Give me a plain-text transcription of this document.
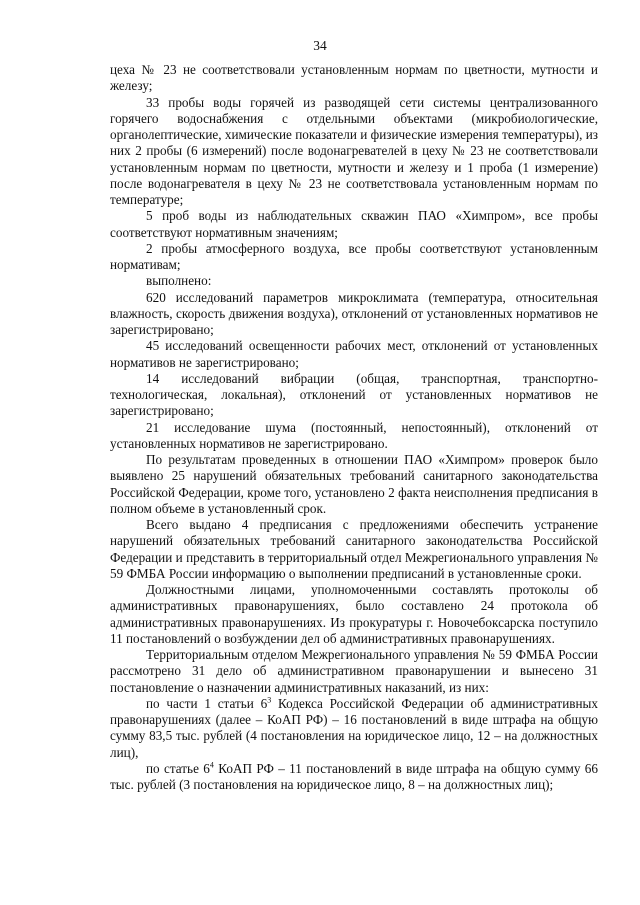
34

цеха № 23 не соответствовали установленным нормам по цветности, мутности и железу;

33 пробы воды горячей из разводящей сети системы централизованного горячего водоснабжения с отдельными объектами (микробиологические, органолептические, химические показатели и физические измерения температуры), из них 2 пробы (6 измерений) после водонагревателей в цеху № 23 не соответствовали установленным нормам по цветности, мутности и железу и 1 проба (1 измерение) после водонагревателя в цеху № 23 не соответствовала установленным нормам по температуре;

5 проб воды из наблюдательных скважин ПАО «Химпром», все пробы соответствуют нормативным значениям;

2 пробы атмосферного воздуха, все пробы соответствуют установленным нормативам;

выполнено:

620 исследований параметров микроклимата (температура, относительная влажность, скорость движения воздуха), отклонений от установленных нормативов не зарегистрировано;

45 исследований освещенности рабочих мест, отклонений от установленных нормативов не зарегистрировано;

14 исследований вибрации (общая, транспортная, транспортно-технологическая, локальная), отклонений от установленных нормативов не зарегистрировано;

21 исследование шума (постоянный, непостоянный), отклонений от установленных нормативов не зарегистрировано.

По результатам проведенных в отношении ПАО «Химпром» проверок было выявлено 25 нарушений обязательных требований санитарного законодательства Российской Федерации, кроме того, установлено 2 факта неисполнения предписания в полном объеме в установленный срок.

Всего выдано 4 предписания с предложениями обеспечить устранение нарушений обязательных требований санитарного законодательства Российской Федерации и представить в территориальный отдел Межрегионального управления № 59 ФМБА России информацию о выполнении предписаний в установленные сроки.

Должностными лицами, уполномоченными составлять протоколы об административных правонарушениях, было составлено 24 протокола об административных правонарушениях. Из прокуратуры г. Новочебоксарска поступило 11 постановлений о возбуждении дел об административных правонарушениях.

Территориальным отделом Межрегионального управления № 59 ФМБА России рассмотрено 31 дело об административном правонарушении и вынесено 31 постановление о назначении административных наказаний, из них:

по части 1 статьи $6^3$ Кодекса Российской Федерации об административных правонарушениях (далее – КоАП РФ) – 16 постановлений в виде штрафа на общую сумму 83,5 тыс. рублей (4 постановления на юридическое лицо, 12 – на должностных лиц),

по статье $6^4$ КоАП РФ – 11 постановлений в виде штрафа на общую сумму 66 тыс. рублей (3 постановления на юридическое лицо, 8 – на должностных лиц);
